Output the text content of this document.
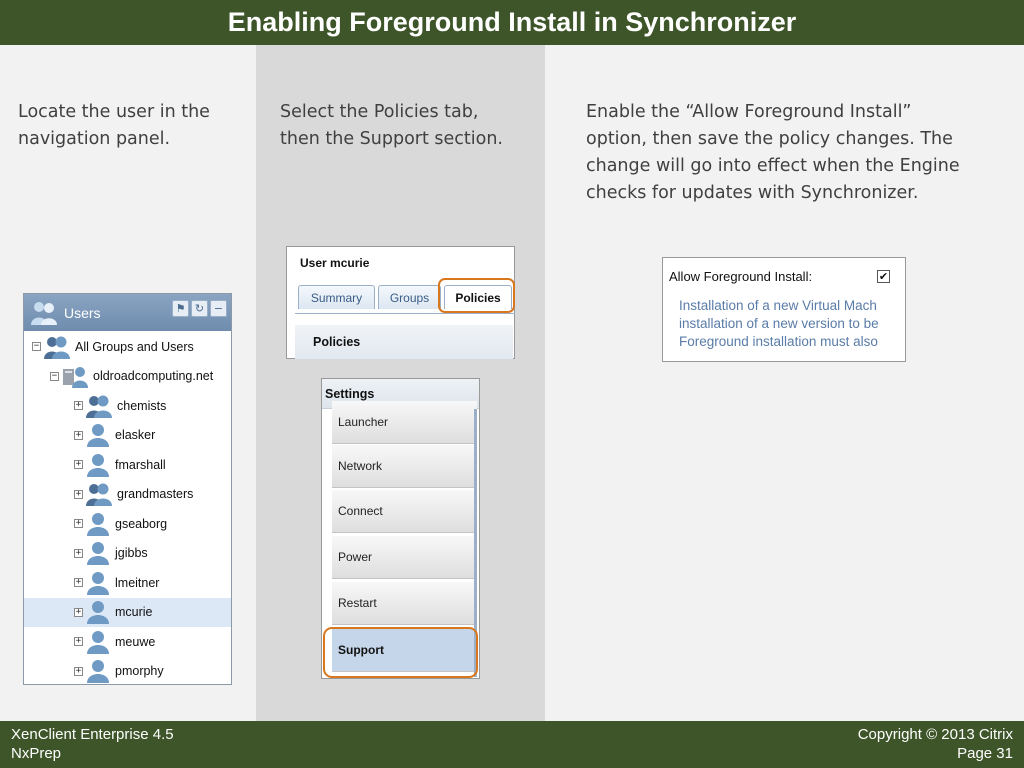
Enabling Foreground Install in Synchronizer
Locate the user in the
navigation panel.
Select the Policies tab,
then the Support section.
Enable the “Allow Foreground Install”
option, then save the policy changes. The
change will go into effect when the Engine
checks for updates with Synchronizer.
Users	⚑ ↻ −
−	All Groups and Users
−	oldroadcomputing.net
+	chemists
+	elasker
+	fmarshall
+	grandmasters
+	gseaborg
+	jgibbs
+	lmeitner
+	mcurie
+	meuwe
+	pmorphy
User mcurie
Summary	Groups	Policies
Policies
Settings
Launcher
Network
Connect
Power
Restart
Support
Allow Foreground Install:	✔
Installation of a new Virtual Mach
installation of a new version to be
Foreground installation must also
XenClient Enterprise 4.5
NxPrep
Copyright © 2013 Citrix
Page 31
